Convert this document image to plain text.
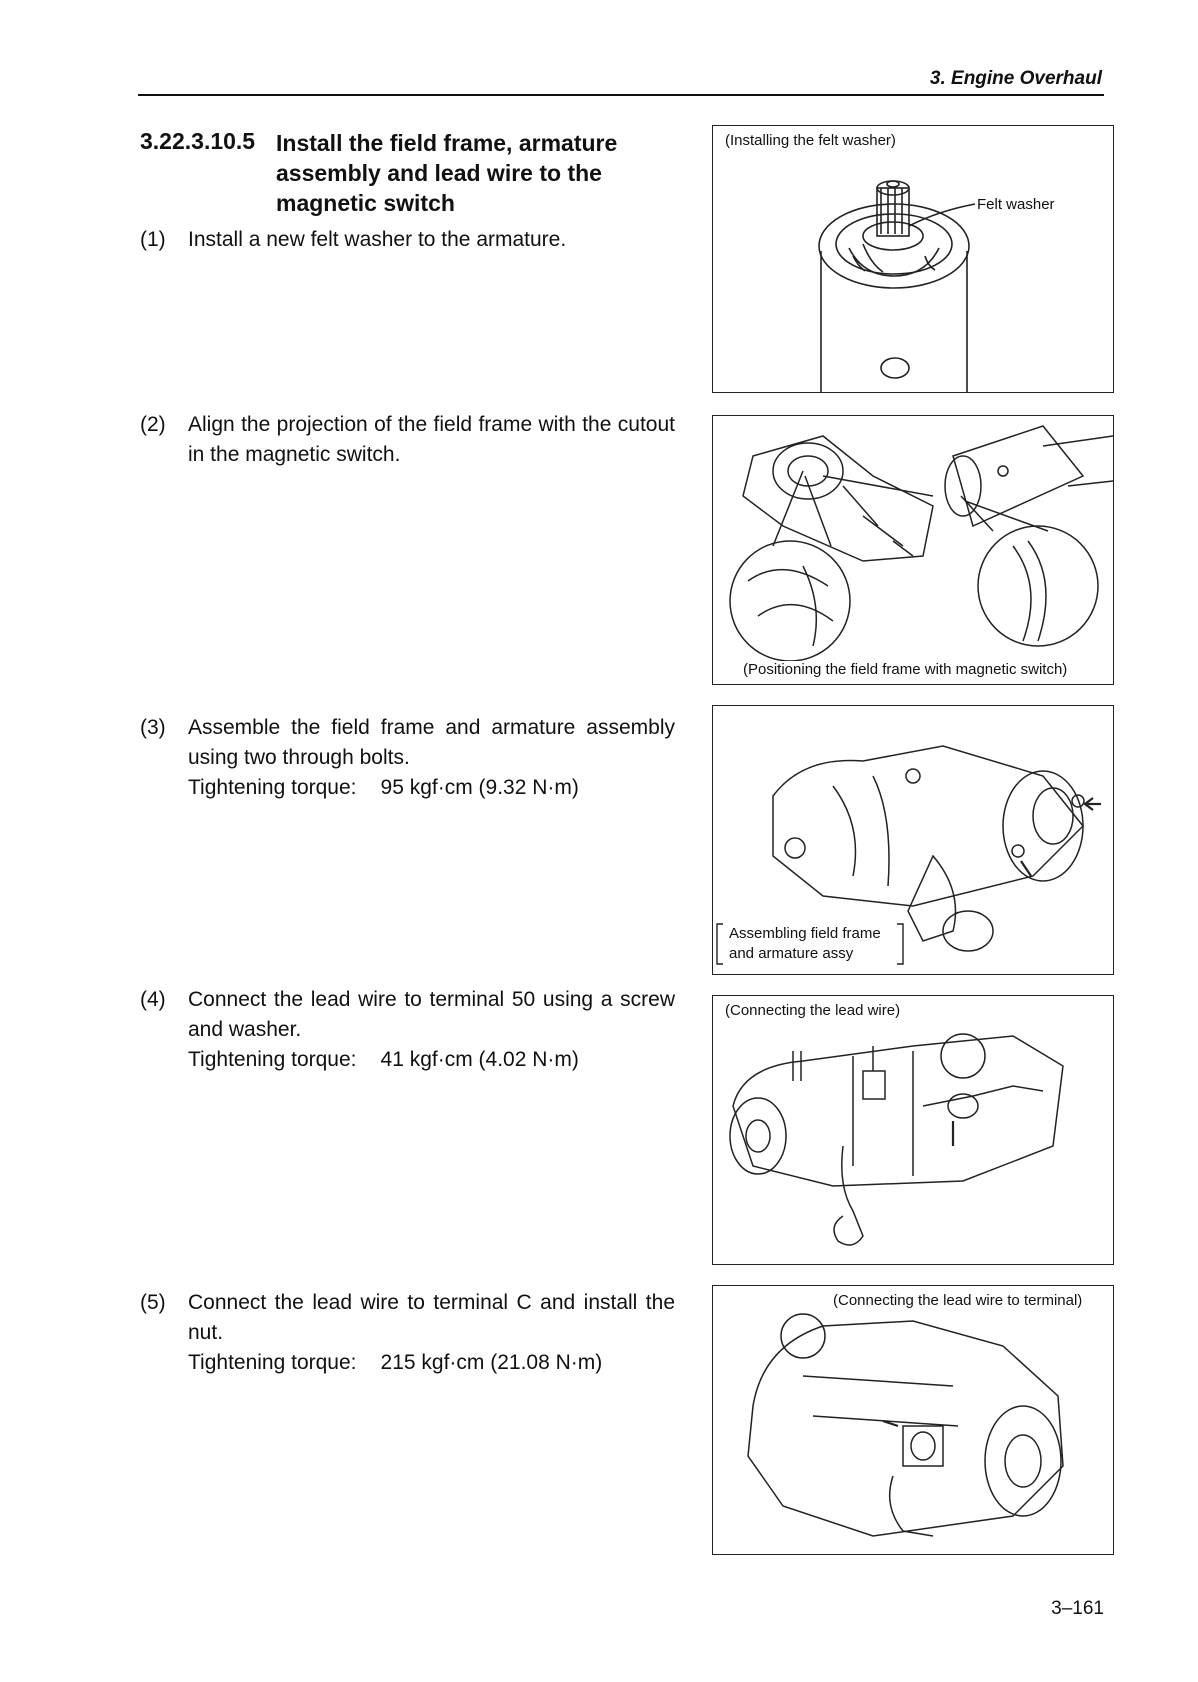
3. Engine Overhaul
3.22.3.10.5 Install the field frame, armature assembly and lead wire to the magnetic switch
(1) Install a new felt washer to the armature.
(2) Align the projection of the field frame with the cutout in the magnetic switch.
(3) Assemble the field frame and armature assembly using two through bolts.
Tightening torque: 95 kgf·cm (9.32 N·m)
(4) Connect the lead wire to terminal 50 using a screw and washer.
Tightening torque: 41 kgf·cm (4.02 N·m)
(5) Connect the lead wire to terminal C and install the nut.
Tightening torque: 215 kgf·cm (21.08 N·m)
(Installing the felt washer)
Felt washer
(Positioning the field frame with magnetic switch)
Assembling field frame
and armature assy
(Connecting the lead wire)
(Connecting the lead wire to terminal)
3–161
